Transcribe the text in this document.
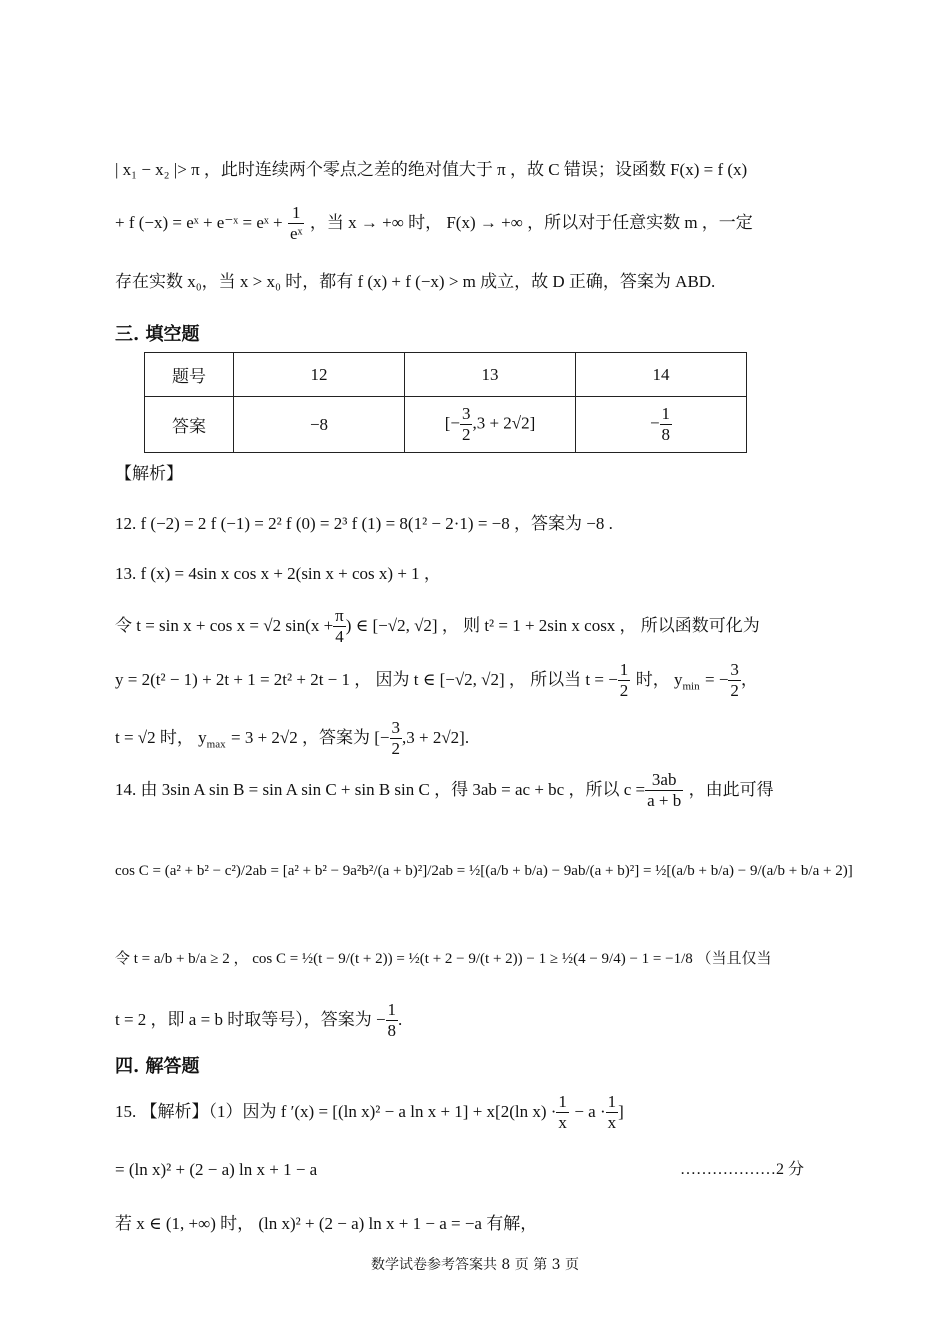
| x₁ − x₂ |> π ，此时连续两个零点之差的绝对值大于 π ，故 C 错误；设函数 F(x) = f (x)
+ f (−x) = eˣ + e⁻ˣ = eˣ + $\frac{1}{\text{eˣ}}$ ，当 x → +∞ 时， F(x) → +∞ ，所以对于任意实数 m ，一定
存在实数 x₀，当 x > x₀ 时，都有 f (x) + f (−x) > m 成立，故 D 正确，答案为 ABD.
三. 填空题
题号	12	13	14
答案	−8	[− $\frac{3}{2} ,3 + 2√2$]	− $\frac{1}{8}$
【解析】
12. f (−2) = 2 f (−1) = 2² f (0) = 2³ f (1) = 8(1² − 2·1) = −8 ，答案为 −8 .
13. f (x) = 4sin x cos x + 2(sin x + cos x) + 1 ，
令 t = sin x + cos x = √2 $\sin(x + \frac{\pi}{4}$ ) ∈ [−√2, √2] ， 则 t² = 1 + 2sin x cosx ， 所以函数可化为
y = 2(t² − 1) + 2t + 1 = 2t² + 2t − 1 ， 因为 t ∈ [−√2, √2] ， 所以当 t = − $\frac{1}{2}$ 时， $y_{min}$ = − $\frac{3}{2}$ ，
t = √2 时， $y_{max} = 3 + 2√2$ ，答案为 [− $\frac{3}{2} ,3 + 2√2$].
14. 由 3sin A sin B = sin A sin C + sin B sin C ，得 3ab = ac + bc ，所以 $c = \frac{3ab}{a + b}$ ，由此可得
cos C = (a² + b² − c²)/2ab = [a² + b² − 9a²b²/(a + b)²]/2ab = ½[(a/b + b/a) − 9ab/(a + b)²] = ½[(a/b + b/a) − 9/(a/b + b/a + 2)]
令 t = a/b + b/a ≥ 2 ， cos C = ½(t − 9/(t + 2)) = ½(t + 2 − 9/(t + 2)) − 1 ≥ ½(4 − 9/4) − 1 = −1/8 （当且仅当
t = 2 ，即 a = b 时取等号），答案为 − $\frac{1}{8}$ .
四. 解答题
15. 【解析】（1）因为 f ′(x) = [(ln x)² − a ln x + 1] + x[2(ln $x) \cdot \frac{1}{x} - a \cdot \frac{1}{x}$ ]
= (ln x)² + (2 − a) ln x + 1 − a	………………2 分
若 x ∈ (1, +∞) 时， (ln x)² + (2 − a) ln x + 1 − a = −a 有解，
数学试卷参考答案共 8 页 第 3 页
